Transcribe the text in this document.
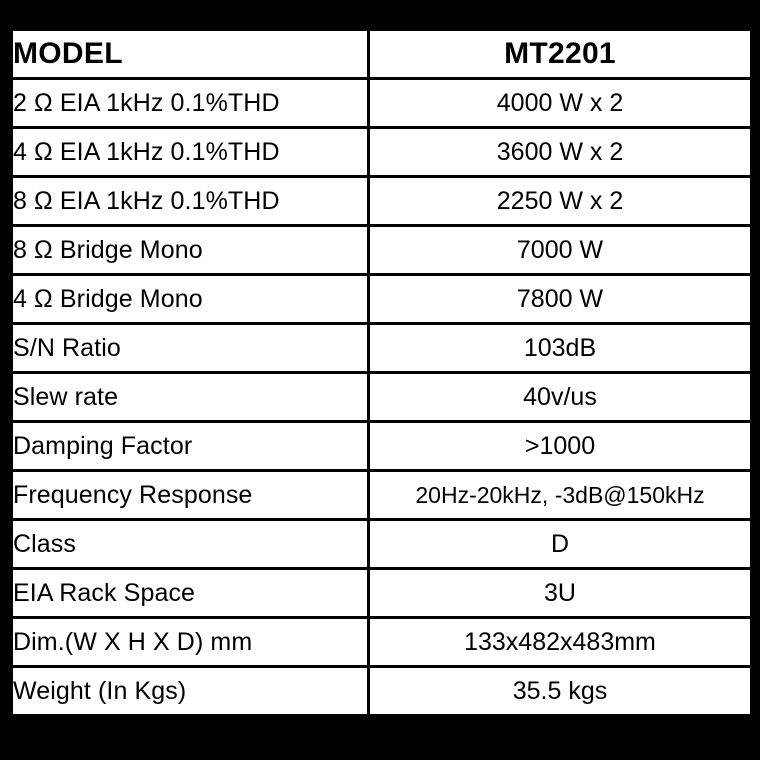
MODEL	MT2201
2 Ω EIA 1kHz 0.1%THD	4000 W x 2
4 Ω EIA 1kHz 0.1%THD	3600 W x 2
8 Ω EIA 1kHz 0.1%THD	2250 W x 2
8 Ω Bridge Mono	7000 W
4 Ω Bridge Mono	7800 W
S/N Ratio	103dB
Slew rate	40v/us
Damping Factor	>1000
Frequency Response	20Hz-20kHz, -3dB@150kHz
Class	D
EIA Rack Space	3U
Dim.(W X H X D) mm	133x482x483mm
Weight (In Kgs)	35.5 kgs
